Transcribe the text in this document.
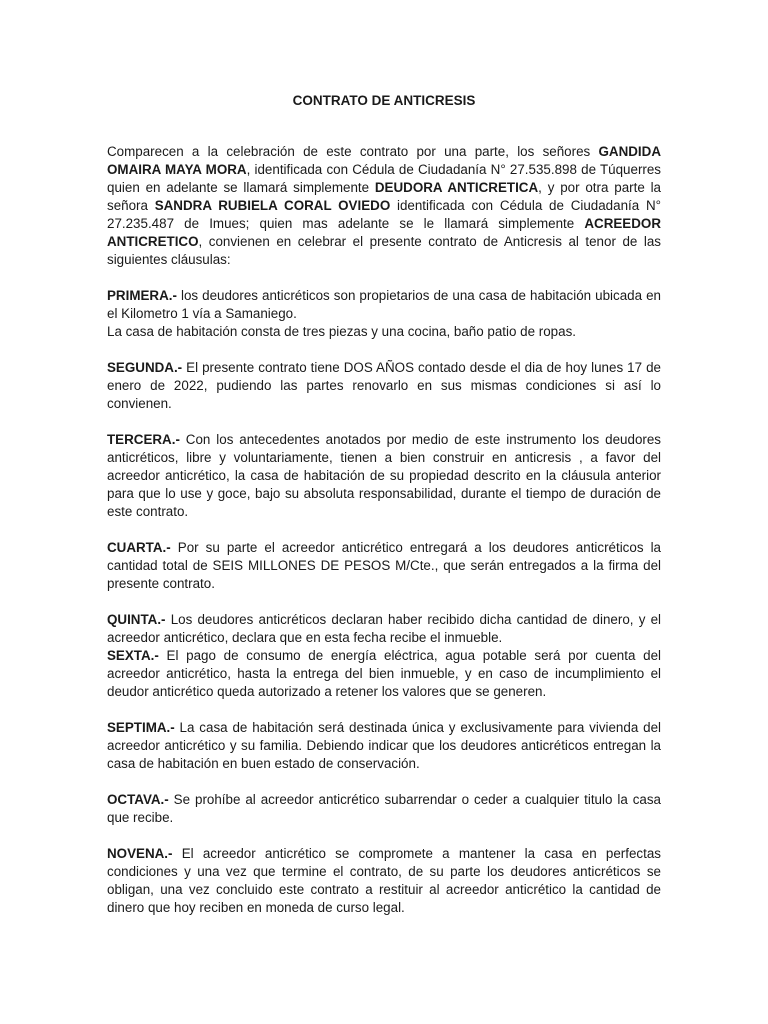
CONTRATO DE ANTICRESIS

Comparecen a la celebración de este contrato por una parte, los señores GANDIDA OMAIRA MAYA MORA, identificada con Cédula de Ciudadanía N° 27.535.898 de Túquerres quien en adelante se llamará simplemente DEUDORA ANTICRETICA, y por otra parte la señora SANDRA RUBIELA CORAL OVIEDO identificada con Cédula de Ciudadanía N° 27.235.487 de Imues; quien mas adelante se le llamará simplemente ACREEDOR ANTICRETICO, convienen en celebrar el presente contrato de Anticresis al tenor de las siguientes cláusulas:

PRIMERA.- los deudores anticréticos son propietarios de una casa de habitación ubicada en el Kilometro 1 vía a Samaniego.

La casa de habitación consta de tres piezas y una cocina, baño patio de ropas.

SEGUNDA.- El presente contrato tiene DOS AÑOS contado desde el dia de hoy lunes 17 de enero de 2022, pudiendo las partes renovarlo en sus mismas condiciones si así lo convienen.

TERCERA.- Con los antecedentes anotados por medio de este instrumento los deudores anticréticos, libre y voluntariamente, tienen a bien construir en anticresis , a favor del acreedor anticrético, la casa de habitación de su propiedad descrito en la cláusula anterior para que lo use y goce, bajo su absoluta responsabilidad, durante el tiempo de duración de este contrato.

CUARTA.- Por su parte el acreedor anticrético entregará a los deudores anticréticos la cantidad total de SEIS MILLONES DE PESOS M/Cte., que serán entregados a la firma del presente contrato.

QUINTA.- Los deudores anticréticos declaran haber recibido dicha cantidad de dinero, y el acreedor anticrético, declara que en esta fecha recibe el inmueble.

SEXTA.- El pago de consumo de energía eléctrica, agua potable será por cuenta del acreedor anticrético, hasta la entrega del bien inmueble, y en caso de incumplimiento el deudor anticrético queda autorizado a retener los valores que se generen.

SEPTIMA.- La casa de habitación será destinada única y exclusivamente para vivienda del acreedor anticrético y su familia. Debiendo indicar que los deudores anticréticos entregan la casa de habitación en buen estado de conservación.

OCTAVA.- Se prohíbe al acreedor anticrético subarrendar o ceder a cualquier titulo la casa que recibe.

NOVENA.- El acreedor anticrético se compromete a mantener la casa en perfectas condiciones y una vez que termine el contrato, de su parte los deudores anticréticos se obligan, una vez concluido este contrato a restituir al acreedor anticrético la cantidad de dinero que hoy reciben en moneda de curso legal.
